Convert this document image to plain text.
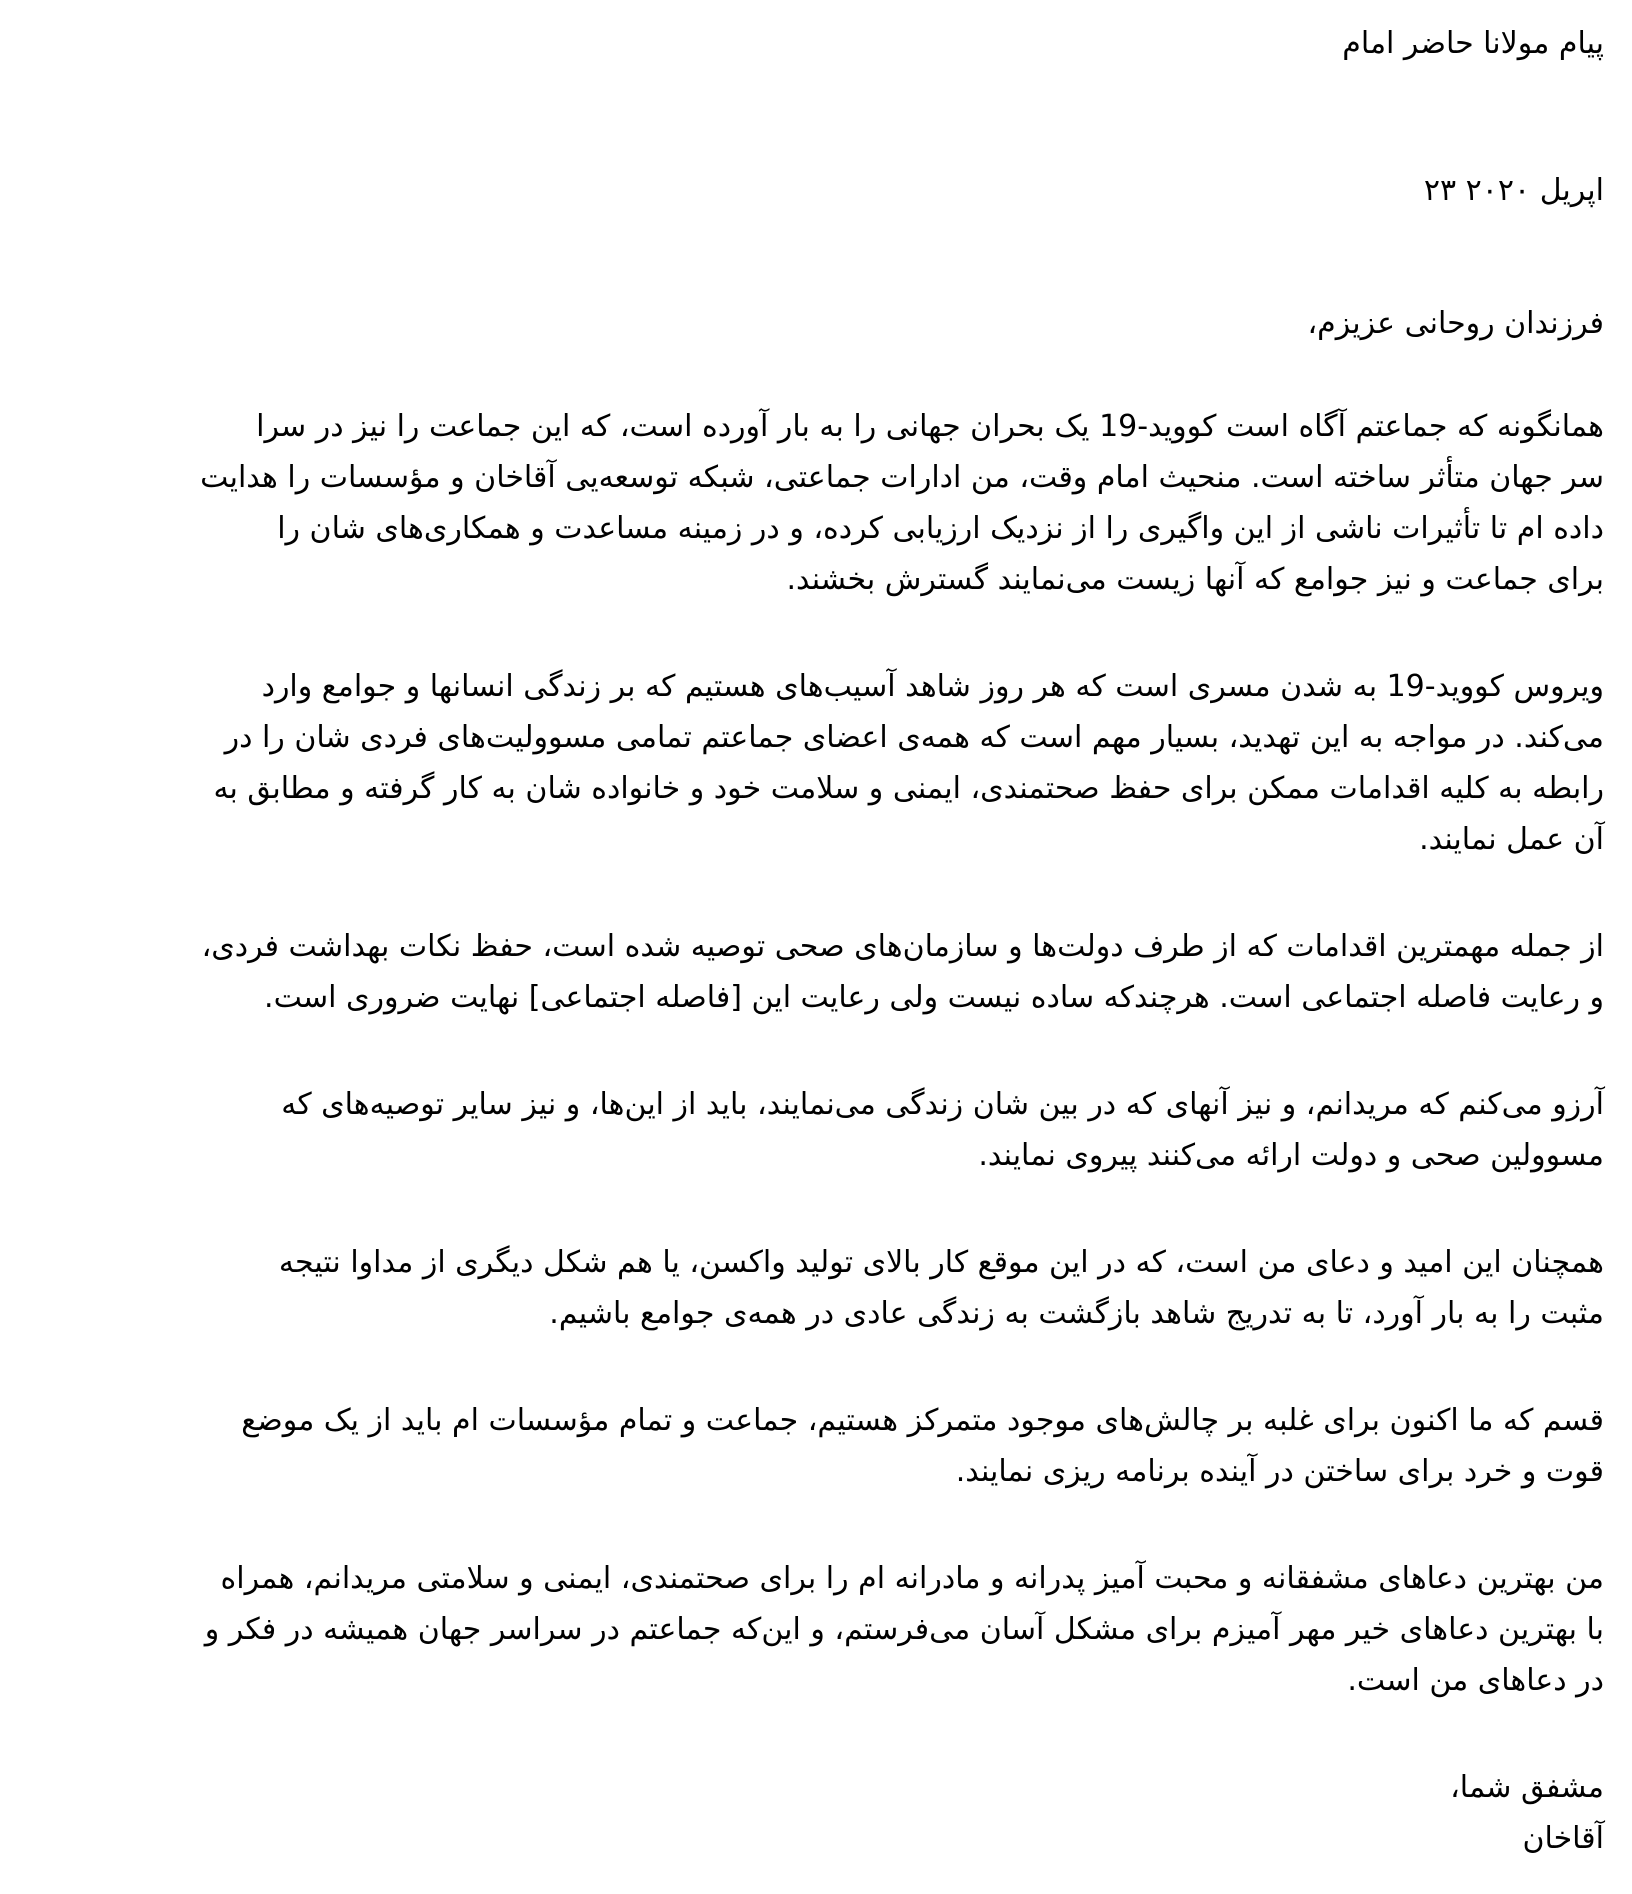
پیام مولانا حاضر امام
اپریل ۲۳ ۲۰۲۰
فرزندان روحانی عزیزم،
همانگونه که جماعتم آگاه است کووید-19 یک بحران جهانی را به بار آورده است، که این جماعت را نیز در سرا
سر جهان متأثر ساخته است. منحیث امام وقت، من ادارات جماعتی، شبکه توسعه‌یی آقاخان و مؤسسات را هدایت
داده ام تا تأثیرات ناشی از این واگیری را از نزدیک ارزیابی کرده، و در زمینه مساعدت و همکاری‌های شان را
برای جماعت و نیز جوامع که آنها زیست می‌نمایند گسترش بخشند.
ویروس کووید-19 به شدن مسری است که هر روز شاهد آسیب‌های هستیم که بر زندگی انسانها و جوامع وارد
می‌کند. در مواجه به این تهدید، بسیار مهم است که همه‌ی اعضای جماعتم تمامی مسوولیت‌های فردی شان را در
رابطه به کلیه اقدامات ممکن برای حفظ صحتمندی، ایمنی و سلامت خود و خانواده شان به کار گرفته و مطابق به
آن عمل نمایند.
از جمله مهمترین اقدامات که از طرف دولت‌ها و سازمان‌های صحی توصیه شده است، حفظ نکات بهداشت فردی،
و رعایت فاصله اجتماعی است. هرچندکه ساده نیست ولی رعایت این [فاصله اجتماعی] نهایت ضروری است.
آرزو می‌کنم که مریدانم، و نیز آنهای که در بین شان زندگی می‌نمایند، باید از این‌ها، و نیز سایر توصیه‌های که
مسوولین صحی و دولت ارائه می‌کنند پیروی نمایند.
همچنان این امید و دعای من است، که در این موقع کار بالای تولید واکسن، یا هم شکل دیگری از مداوا نتیجه
مثبت را به بار آورد، تا به تدریج شاهد بازگشت به زندگی عادی در همه‌ی جوامع باشیم.
قسم که ما اکنون برای غلبه بر چالش‌های موجود متمرکز هستیم، جماعت و تمام مؤسسات ام باید از یک موضع
قوت و خرد برای ساختن در آینده برنامه ریزی نمایند.
من بهترین دعاهای مشفقانه و محبت آمیز پدرانه و مادرانه ام را برای صحتمندی، ایمنی و سلامتی مریدانم، همراه
با بهترین دعاهای خیر مهر آمیزم برای مشکل آسان می‌فرستم، و این‌که جماعتم در سراسر جهان همیشه در فکر و
در دعاهای من است.
مشفق شما،
آقاخان
